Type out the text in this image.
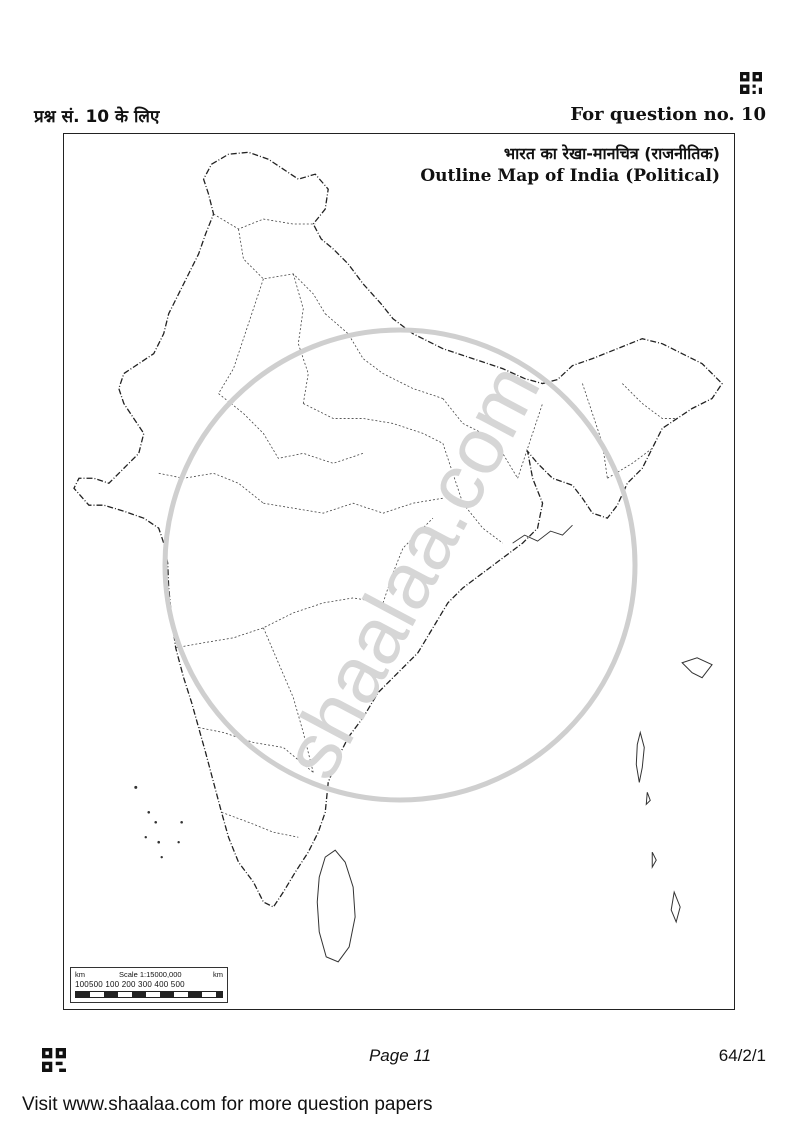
प्रश्न सं. 10 के लिए	For question no. 10
भारत का रेखा-मानचित्र (राजनीतिक)
Outline Map of India (Political)
km	Scale 1:15000,000	km
100500 100 200 300 400 500
shaalaa.com
Page 11	64/2/1
Visit www.shaalaa.com for more question papers
